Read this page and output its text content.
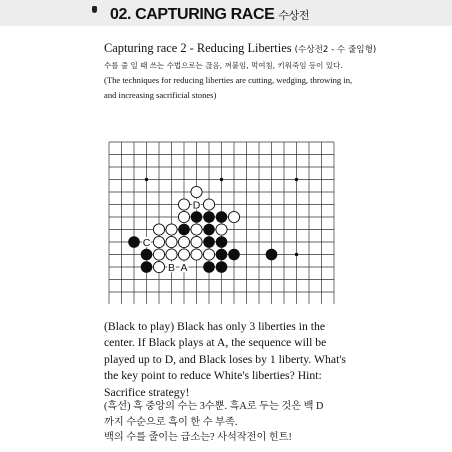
02. CAPTURING RACE 수상전
Capturing race 2 - Reducing Liberties (수상전2 - 수 줄임형)
수를 줄 일 때 쓰는 수법으로는 끊음, 껴붙임, 먹여침, 키워죽임 등이 있다.
(The techniques for reducing liberties are cutting, wedging, throwing in, and increasing sacrificial stones)
D
C
B A
(Black to play) Black has only 3 liberties in the center. If Black plays at A, the sequence will be played up to D, and Black loses by 1 liberty. What's the key point to reduce White's liberties? Hint: Sacrifice strategy!
(흑선) 흑 중앙의 수는 3수뿐. 흑A로 두는 것은 백 D
까지 수순으로 흑이 한 수 부족.
백의 수를 줄이는 급소는? 사석작전이 힌트!
